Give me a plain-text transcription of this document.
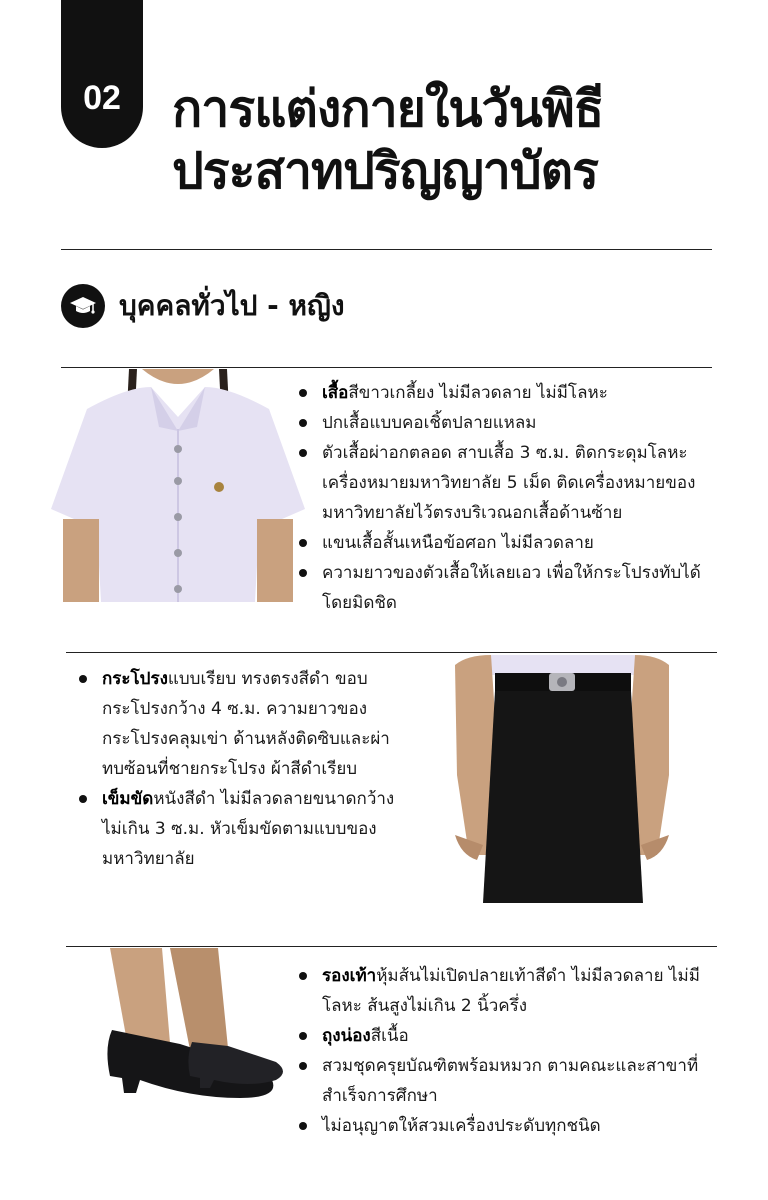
02 การแต่งกายในวันพิธี
ประสาทปริญญาบัตร
บุคคลทั่วไป - หญิง
เสื้อสีขาวเกลี้ยง ไม่มีลวดลาย ไม่มีโลหะ
ปกเสื้อแบบคอเชิ้ตปลายแหลม
ตัวเสื้อผ่าอกตลอด สาบเสื้อ 3 ซ.ม. ติดกระดุมโลหะเครื่องหมายมหาวิทยาลัย 5 เม็ด ติดเครื่องหมายของมหาวิทยาลัยไว้ตรงบริเวณอกเสื้อด้านซ้าย
แขนเสื้อสั้นเหนือข้อศอก ไม่มีลวดลาย
ความยาวของตัวเสื้อให้เลยเอว เพื่อให้กระโปรงทับได้โดยมิดชิด
กระโปรงแบบเรียบ ทรงตรงสีดำ ขอบกระโปรงกว้าง 4 ซ.ม. ความยาวของกระโปรงคลุมเข่า ด้านหลังติดซิบและผ่าทบซ้อนที่ชายกระโปรง ผ้าสีดำเรียบ
เข็มขัดหนังสีดำ ไม่มีลวดลายขนาดกว้างไม่เกิน 3 ซ.ม. หัวเข็มขัดตามแบบของมหาวิทยาลัย
รองเท้าหุ้มส้นไม่เปิดปลายเท้าสีดำ ไม่มีลวดลาย ไม่มีโลหะ ส้นสูงไม่เกิน 2 นิ้วครึ่ง
ถุงน่องสีเนื้อ
สวมชุดครุยบัณฑิตพร้อมหมวก ตามคณะและสาขาที่สำเร็จการศึกษา
ไม่อนุญาตให้สวมเครื่องประดับทุกชนิด
